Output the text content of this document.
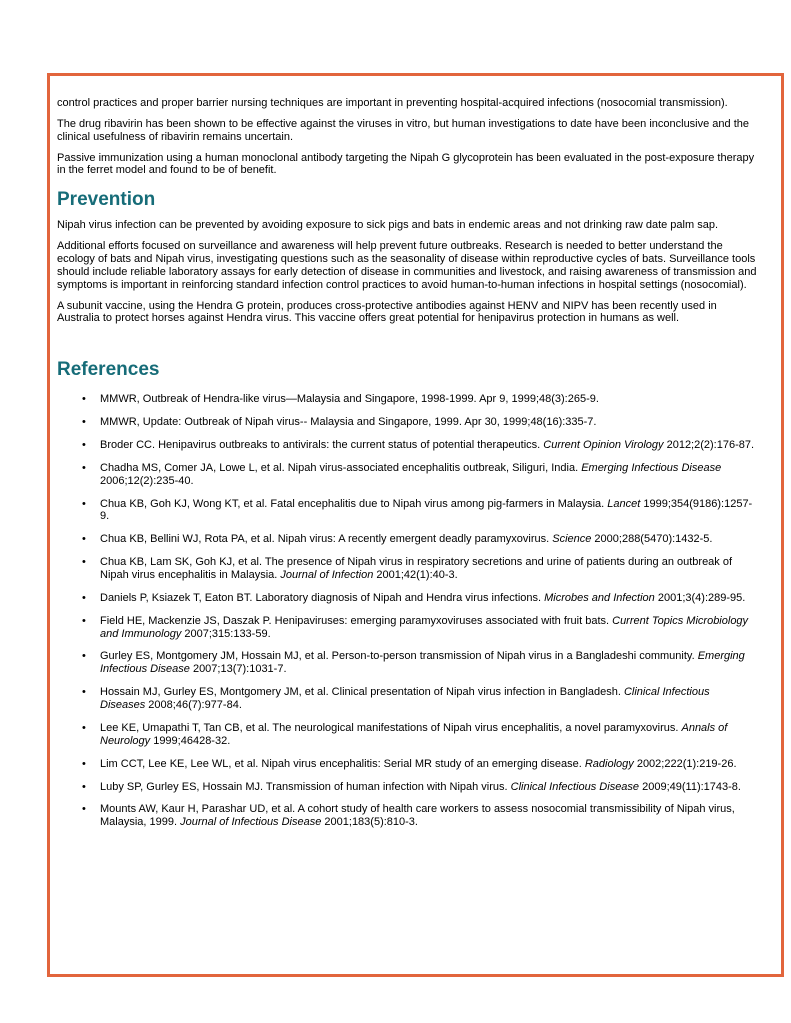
control practices and proper barrier nursing techniques are important in preventing hospital-acquired infections (nosocomial transmission).

The drug ribavirin has been shown to be effective against the viruses in vitro, but human investigations to date have been inconclusive and the clinical usefulness of ribavirin remains uncertain.

Passive immunization using a human monoclonal antibody targeting the Nipah G glycoprotein has been evaluated in the post-exposure therapy in the ferret model and found to be of benefit.

Prevention

Nipah virus infection can be prevented by avoiding exposure to sick pigs and bats in endemic areas and not drinking raw date palm sap.

Additional efforts focused on surveillance and awareness will help prevent future outbreaks. Research is needed to better understand the ecology of bats and Nipah virus, investigating questions such as the seasonality of disease within reproductive cycles of bats. Surveillance tools should include reliable laboratory assays for early detection of disease in communities and livestock, and raising awareness of transmission and symptoms is important in reinforcing standard infection control practices to avoid human-to-human infections in hospital settings (nosocomial).

A subunit vaccine, using the Hendra G protein, produces cross-protective antibodies against HENV and NIPV has been recently used in Australia to protect horses against Hendra virus. This vaccine offers great potential for henipavirus protection in humans as well.

References
• MMWR, Outbreak of Hendra-like virus—Malaysia and Singapore, 1998-1999. Apr 9, 1999;48(3):265-9.
• MMWR, Update: Outbreak of Nipah virus-- Malaysia and Singapore, 1999. Apr 30, 1999;48(16):335-7.
• Broder CC. Henipavirus outbreaks to antivirals: the current status of potential therapeutics. Current Opinion Virology 2012;2(2):176-87.
• Chadha MS, Comer JA, Lowe L, et al. Nipah virus-associated encephalitis outbreak, Siliguri, India. Emerging Infectious Disease 2006;12(2):235-40.
• Chua KB, Goh KJ, Wong KT, et al. Fatal encephalitis due to Nipah virus among pig-farmers in Malaysia. Lancet 1999;354(9186):1257-9.
• Chua KB, Bellini WJ, Rota PA, et al. Nipah virus: A recently emergent deadly paramyxovirus. Science 2000;288(5470):1432-5.
• Chua KB, Lam SK, Goh KJ, et al. The presence of Nipah virus in respiratory secretions and urine of patients during an outbreak of Nipah virus encephalitis in Malaysia. Journal of Infection 2001;42(1):40-3.
• Daniels P, Ksiazek T, Eaton BT. Laboratory diagnosis of Nipah and Hendra virus infections. Microbes and Infection 2001;3(4):289-95.
• Field HE, Mackenzie JS, Daszak P. Henipaviruses: emerging paramyxoviruses associated with fruit bats. Current Topics Microbiology and Immunology 2007;315:133-59.
• Gurley ES, Montgomery JM, Hossain MJ, et al. Person-to-person transmission of Nipah virus in a Bangladeshi community. Emerging Infectious Disease 2007;13(7):1031-7.
• Hossain MJ, Gurley ES, Montgomery JM, et al. Clinical presentation of Nipah virus infection in Bangladesh. Clinical Infectious Diseases 2008;46(7):977-84.
• Lee KE, Umapathi T, Tan CB, et al. The neurological manifestations of Nipah virus encephalitis, a novel paramyxovirus. Annals of Neurology 1999;46428-32.
• Lim CCT, Lee KE, Lee WL, et al. Nipah virus encephalitis: Serial MR study of an emerging disease. Radiology 2002;222(1):219-26.
• Luby SP, Gurley ES, Hossain MJ. Transmission of human infection with Nipah virus. Clinical Infectious Disease 2009;49(11):1743-8.
• Mounts AW, Kaur H, Parashar UD, et al. A cohort study of health care workers to assess nosocomial transmissibility of Nipah virus, Malaysia, 1999. Journal of Infectious Disease 2001;183(5):810-3.
